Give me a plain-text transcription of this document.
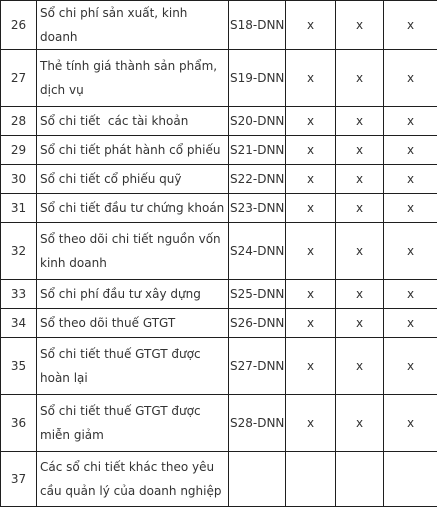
26	Sổ chi phí sản xuất, kinh doanh	S18-DNN	x	x	x
27	Thẻ tính giá thành sản phẩm, dịch vụ	S19-DNN	x	x	x
28	Sổ chi tiết  các tài khoản	S20-DNN	x	x	x
29	Sổ chi tiết phát hành cổ phiếu	S21-DNN	x	x	x
30	Sổ chi tiết cổ phiếu quỹ	S22-DNN	x	x	x
31	Sổ chi tiết đầu tư chứng khoán	S23-DNN	x	x	x
32	Sổ theo dõi chi tiết nguồn vốn kinh doanh	S24-DNN	x	x	x
33	Sổ chi phí đầu tư xây dựng	S25-DNN	x	x	x
34	Sổ theo dõi thuế GTGT	S26-DNN	x	x	x
35	Sổ chi tiết thuế GTGT được hoàn lại	S27-DNN	x	x	x
36	Sổ chi tiết thuế GTGT được miễn giảm	S28-DNN	x	x	x
37	Các sổ chi tiết khác theo yêu cầu quản lý của doanh nghiệp				
